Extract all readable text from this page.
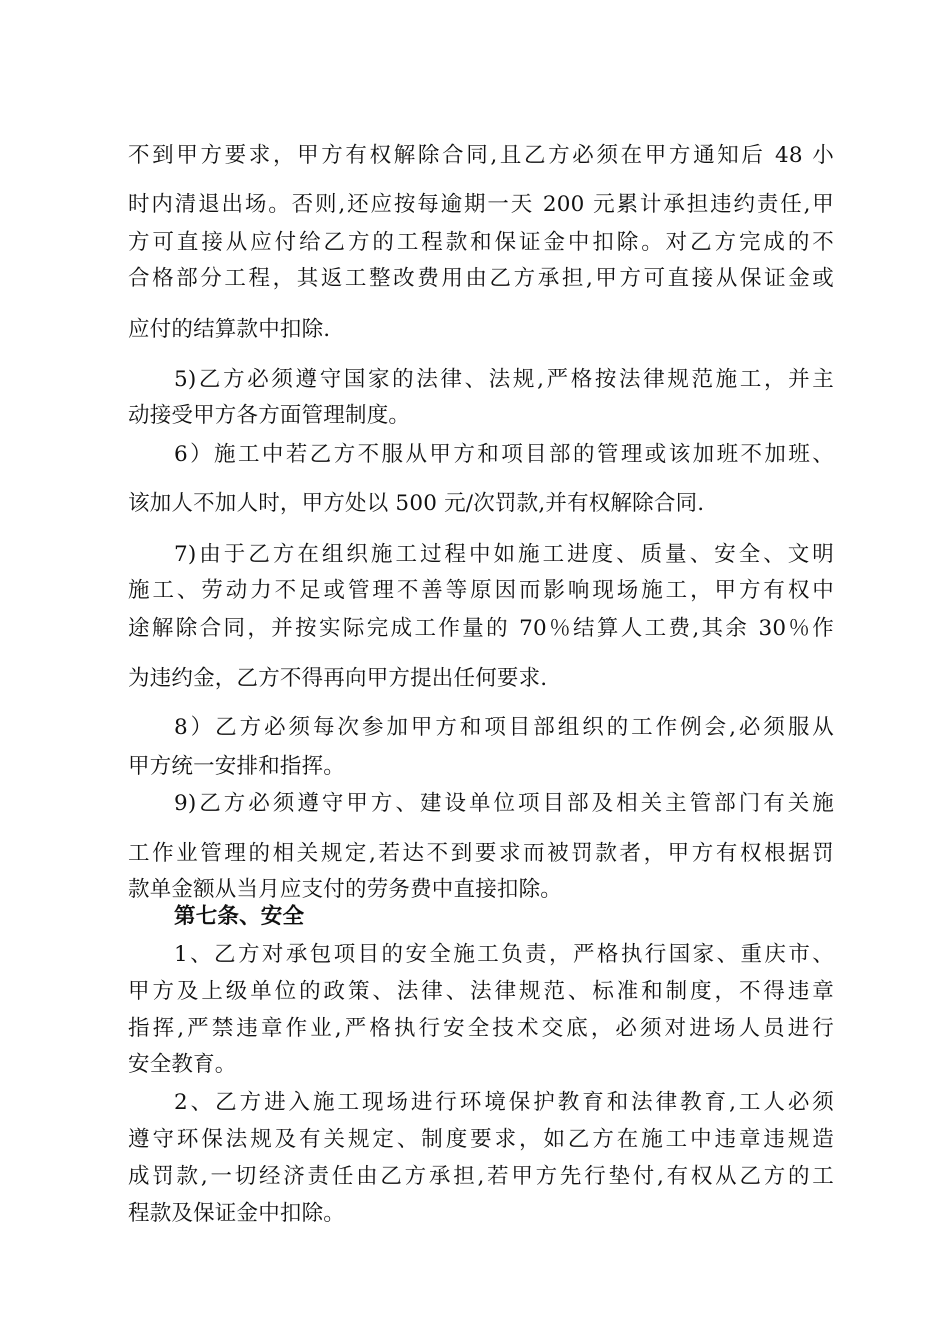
不到甲方要求，甲方有权解除合同,且乙方必须在甲方通知后 48 小
时内清退出场。否则,还应按每逾期一天 200 元累计承担违约责任,甲
方可直接从应付给乙方的工程款和保证金中扣除。对乙方完成的不
合格部分工程，其返工整改费用由乙方承担,甲方可直接从保证金或
应付的结算款中扣除.
5)乙方必须遵守国家的法律、法规,严格按法律规范施工，并主
动接受甲方各方面管理制度。
6）施工中若乙方不服从甲方和项目部的管理或该加班不加班、
该加人不加人时，甲方处以 500 元/次罚款,并有权解除合同.
7)由于乙方在组织施工过程中如施工进度、质量、安全、文明
施工、劳动力不足或管理不善等原因而影响现场施工，甲方有权中
途解除合同，并按实际完成工作量的 70％结算人工费,其余 30％作
为违约金，乙方不得再向甲方提出任何要求.
8）乙方必须每次参加甲方和项目部组织的工作例会,必须服从
甲方统一安排和指挥。
9)乙方必须遵守甲方、建设单位项目部及相关主管部门有关施
工作业管理的相关规定,若达不到要求而被罚款者，甲方有权根据罚
款单金额从当月应支付的劳务费中直接扣除。
第七条、安全
1、乙方对承包项目的安全施工负责，严格执行国家、重庆市、
甲方及上级单位的政策、法律、法律规范、标准和制度，不得违章
指挥,严禁违章作业,严格执行安全技术交底，必须对进场人员进行
安全教育。
2、乙方进入施工现场进行环境保护教育和法律教育,工人必须
遵守环保法规及有关规定、制度要求，如乙方在施工中违章违规造
成罚款,一切经济责任由乙方承担,若甲方先行垫付,有权从乙方的工
程款及保证金中扣除。
